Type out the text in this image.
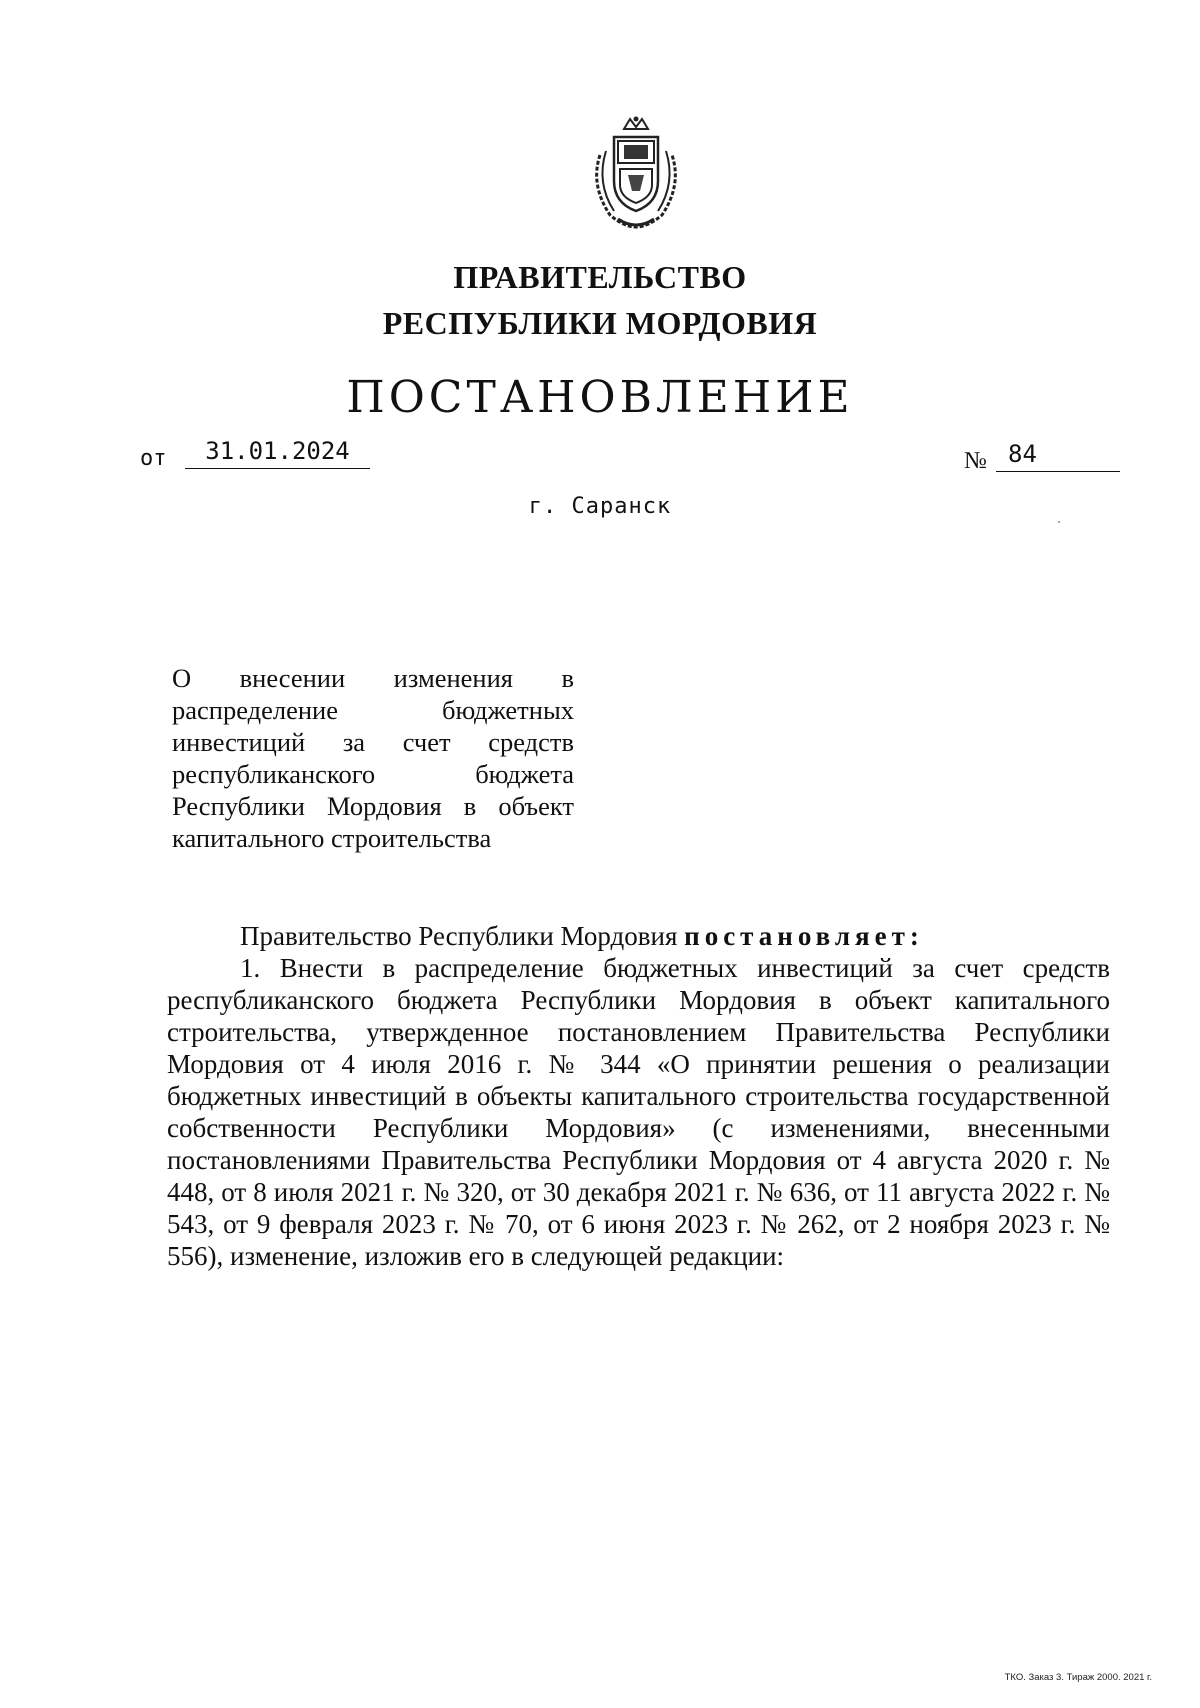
ПРАВИТЕЛЬСТВО
РЕСПУБЛИКИ МОРДОВИЯ
ПОСТАНОВЛЕНИЕ
от	31.01.2024	№ 84
г. Саранск
О внесении изменения в распределение бюджетных инвестиций за счет средств республиканского бюджета Республики Мордовия в объект капитального строительства
Правительство Республики Мордовия постановляет:
1. Внести в распределение бюджетных инвестиций за счет средств республиканского бюджета Республики Мордовия в объект капитального строительства, утвержденное постановлением Правительства Республики Мордовия от 4 июля 2016 г. № 344 «О принятии решения о реализации бюджетных инвестиций в объекты капитального строительства государственной собственности Республики Мордовия» (с изменениями, внесенными постановлениями Правительства Республики Мордовия от 4 августа 2020 г. № 448, от 8 июля 2021 г. № 320, от 30 декабря 2021 г. № 636, от 11 августа 2022 г. № 543, от 9 февраля 2023 г. № 70, от 6 июня 2023 г. № 262, от 2 ноября 2023 г. № 556), изменение, изложив его в следующей редакции:
ТКО. Заказ 3. Тираж 2000. 2021 г.
